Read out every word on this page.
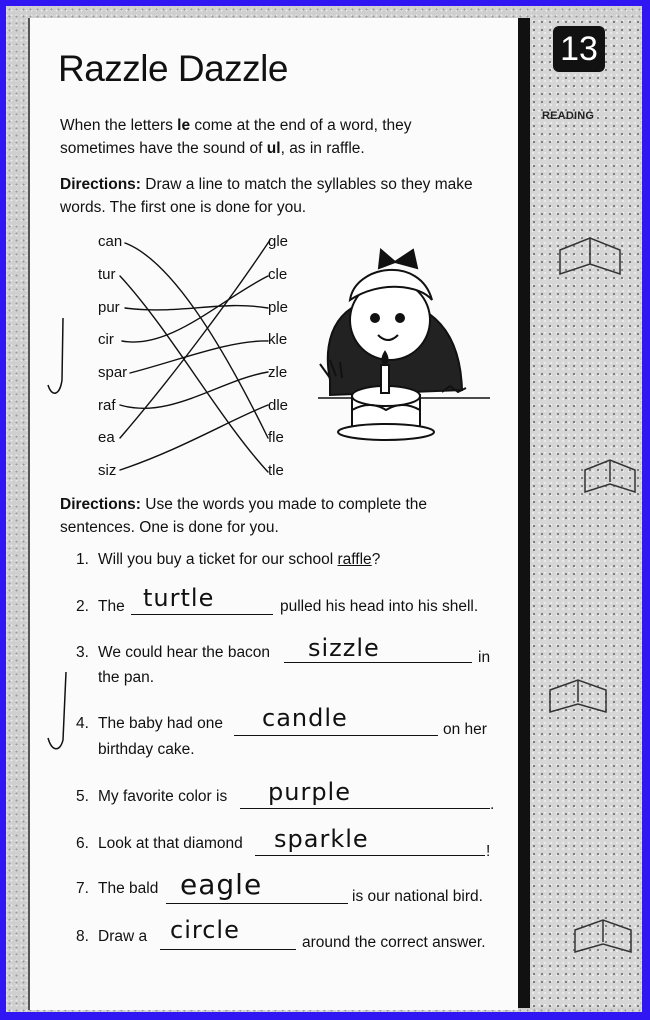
13
READING
Razzle Dazzle
When the letters le come at the end of a word, they
sometimes have the sound of ul, as in raffle.
Directions: Draw a line to match the syllables so they make
words. The first one is done for you.
can
tur
pur
cir
spar
raf
ea
siz
gle
cle
ple
kle
zle
dle
fle
tle
Directions: Use the words you made to complete the
sentences. One is done for you.
1. Will you buy a ticket for our school raffle?
2. The turtle	pulled his head into his shell.
3. We could hear the bacon sizzle	in
the pan.
4. The baby had one candle	on her
birthday cake.
5. My favorite color is purple	.
6. Look at that diamond sparkle	!
7. The bald eagle	is our national bird.
8. Draw a circle	around the correct answer.
